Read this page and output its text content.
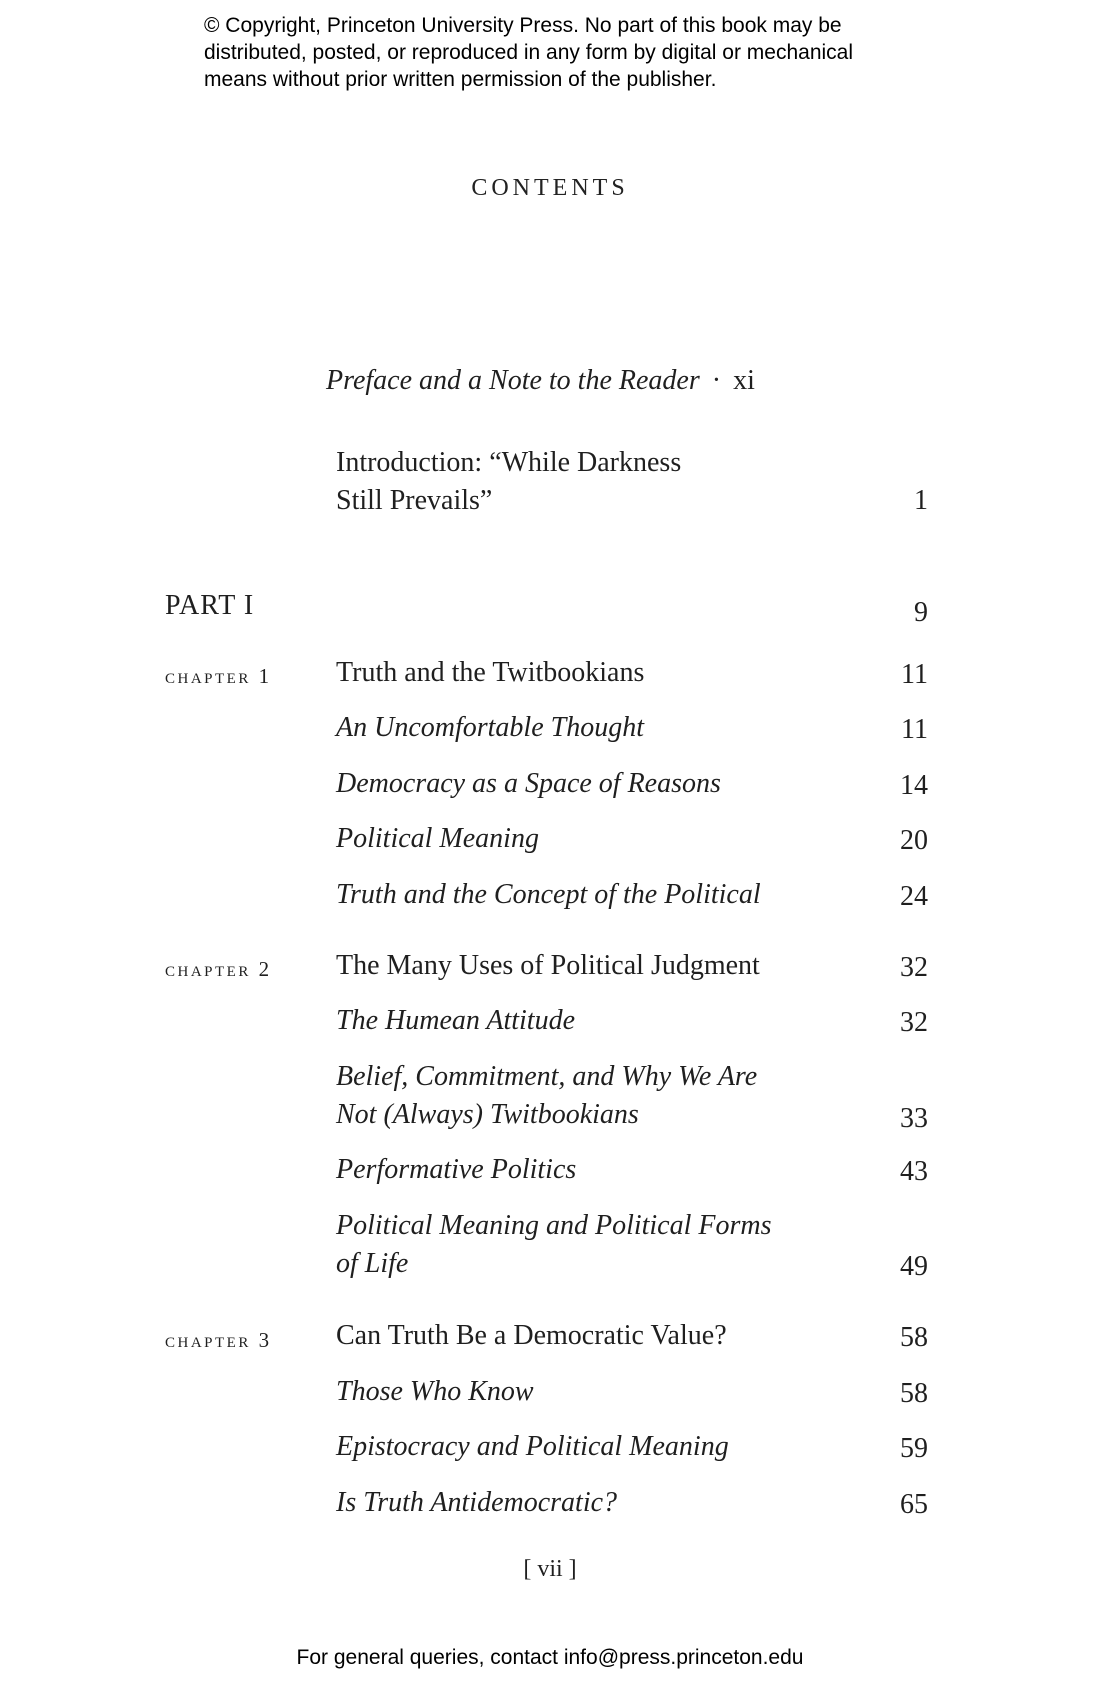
© Copyright, Princeton University Press. No part of this book may be
distributed, posted, or reproduced in any form by digital or mechanical
means without prior written permission of the publisher.
CONTENTS
Preface and a Note to the Reader · xi
Introduction: “While Darkness
Still Prevails”	1
PART I	9
chapter 1 Truth and the Twitbookians	11
An Uncomfortable Thought	11
Democracy as a Space of Reasons	14
Political Meaning	20
Truth and the Concept of the Political	24
chapter 2 The Many Uses of Political Judgment	32
The Humean Attitude	32
Belief, Commitment, and Why We Are
Not (Always) Twitbookians	33
Performative Politics	43
Political Meaning and Political Forms
of Life	49
chapter 3 Can Truth Be a Democratic Value?	58
Those Who Know	58
Epistocracy and Political Meaning	59
Is Truth Antidemocratic?	65
[ vii ]
For general queries, contact info@press.princeton.edu
